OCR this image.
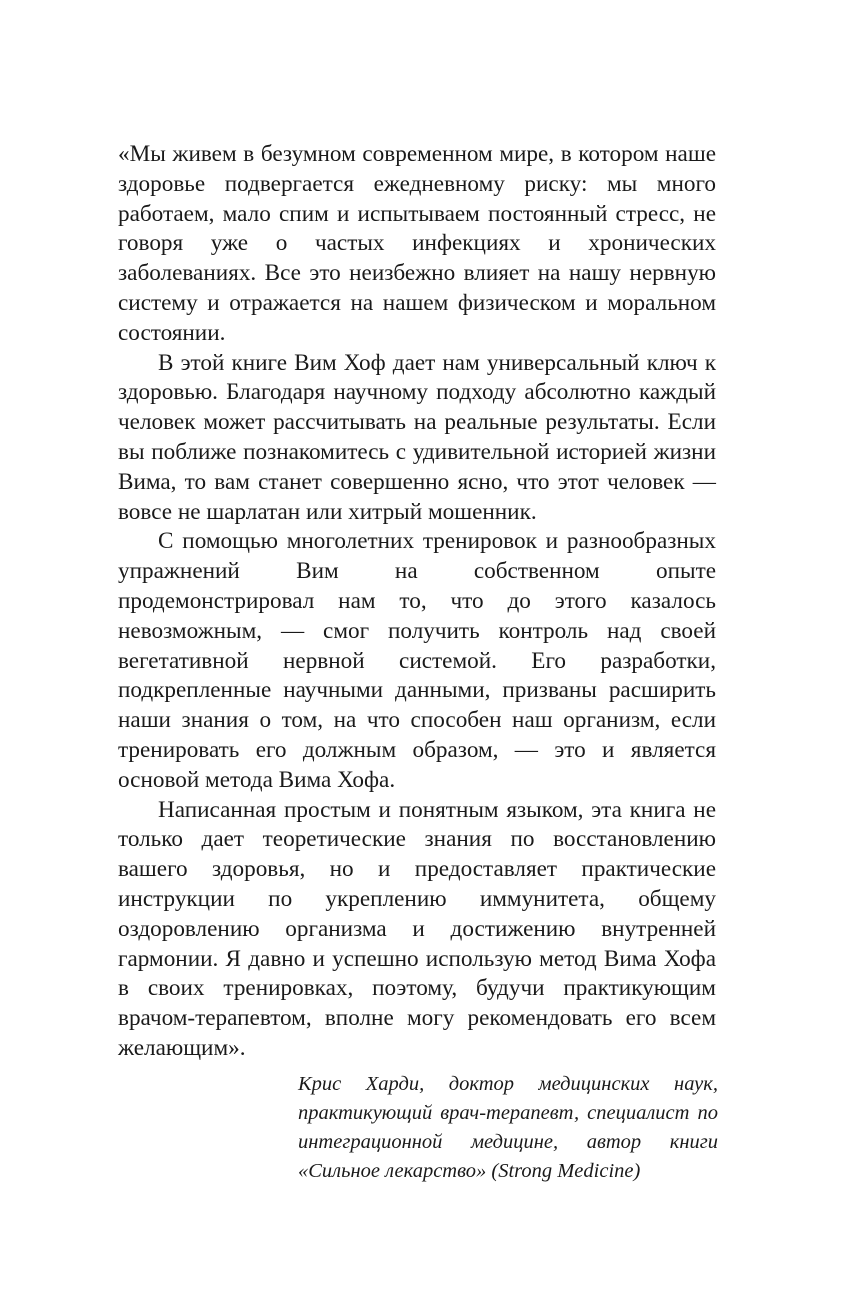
«Мы живем в безумном современном мире, в котором наше здоровье подвергается ежедневному риску: мы много работаем, мало спим и испытываем постоянный стресс, не говоря уже о частых инфекциях и хронических заболеваниях. Все это неизбежно влияет на нашу нервную систему и отражается на нашем физическом и моральном состоянии.

В этой книге Вим Хоф дает нам универсальный ключ к здоровью. Благодаря научному подходу абсолютно каждый человек может рассчитывать на реальные результаты. Если вы поближе познакомитесь с удивительной историей жизни Вима, то вам станет совершенно ясно, что этот человек — вовсе не шарлатан или хитрый мошенник.

С помощью многолетних тренировок и разнообразных упражнений Вим на собственном опыте продемонстрировал нам то, что до этого казалось невозможным, — смог получить контроль над своей вегетативной нервной системой. Его разработки, подкрепленные научными данными, призваны расширить наши знания о том, на что способен наш организм, если тренировать его должным образом, — это и является основой метода Вима Хофа.

Написанная простым и понятным языком, эта книга не только дает теоретические знания по восстановлению вашего здоровья, но и предоставляет практические инструкции по укреплению иммунитета, общему оздоровлению организма и достижению внутренней гармонии. Я давно и успешно использую метод Вима Хофа в своих тренировках, поэтому, будучи практикующим врачом-терапевтом, вполне могу рекомендовать его всем желающим».

Крис Харди, доктор медицинских наук, практикующий врач-терапевт, специалист по интеграционной медицине, автор книги «Сильное лекарство» (Strong Medicine)
